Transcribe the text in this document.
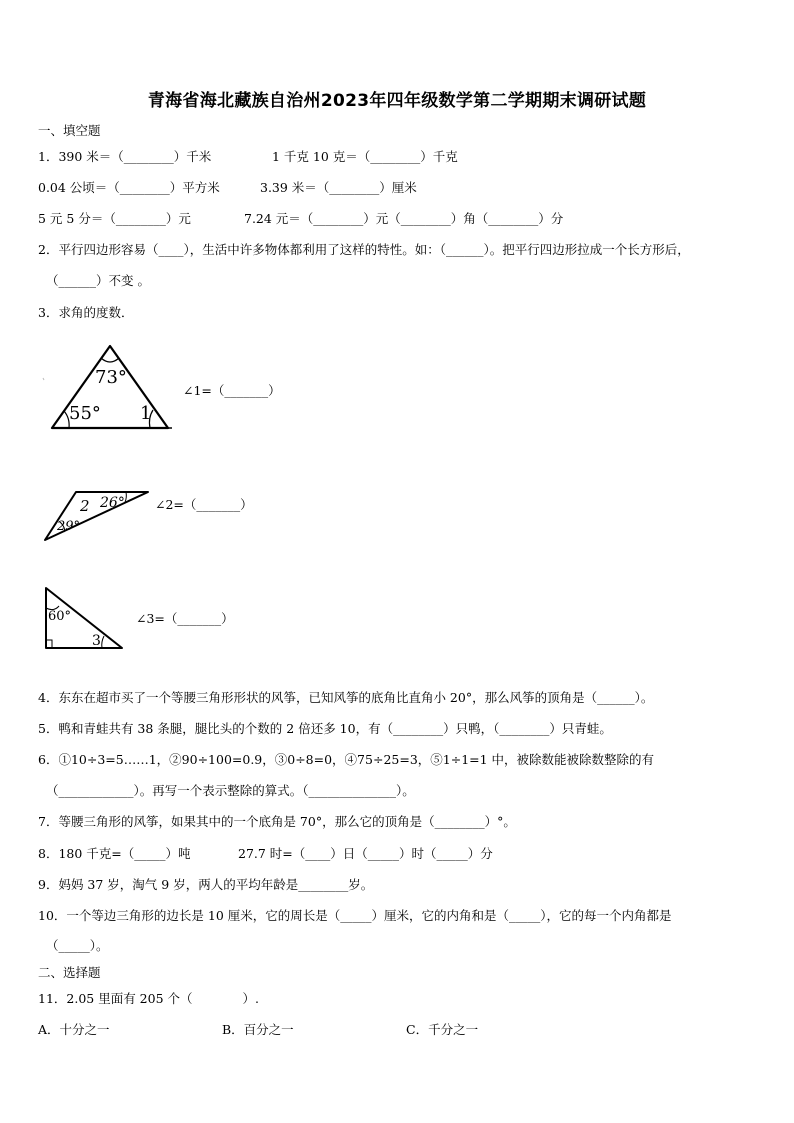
青海省海北藏族自治州2023年四年级数学第二学期期末调研试题
一、填空题
1．390 米＝（________）千米	1 千克 10 克＝（________）千克
0.04 公顷＝（________）平方米	3.39 米＝（________）厘米
5 元 5 分＝（________）元	7.24 元＝（________）元（________）角（________）分
2．平行四边形容易（____），生活中许多物体都利用了这样的特性。如：（______）。把平行四边形拉成一个长方形后，
（______）不变 。
3．求角的度数．
73°
55° 1
∠1=（_______）
2 26°
29°
∠2=（_______）
60°
3
∠3=（_______）
4．东东在超市买了一个等腰三角形形状的风筝，已知风筝的底角比直角小 20°，那么风筝的顶角是（______）。
5．鸭和青蛙共有 38 条腿，腿比头的个数的 2 倍还多 10，有（________）只鸭，（________）只青蛙。
6．①10÷3=5……1，②90÷100=0.9，③0÷8=0，④75÷25=3，⑤1÷1=1 中，被除数能被除数整除的有
（____________）。再写一个表示整除的算式。（______________）。
7．等腰三角形的风筝，如果其中的一个底角是 70°，那么它的顶角是（________）°。
8．180 千克=（_____）吨	27.7 时=（____）日（_____）时（_____）分
9．妈妈 37 岁，淘气 9 岁，两人的平均年龄是________岁。
10．一个等边三角形的边长是 10 厘米，它的周长是（_____）厘米，它的内角和是（_____），它的每一个内角都是
（_____）。
二、选择题
11．2.05 里面有 205 个（　　　　）.
A．十分之一	B．百分之一	C．千分之一
